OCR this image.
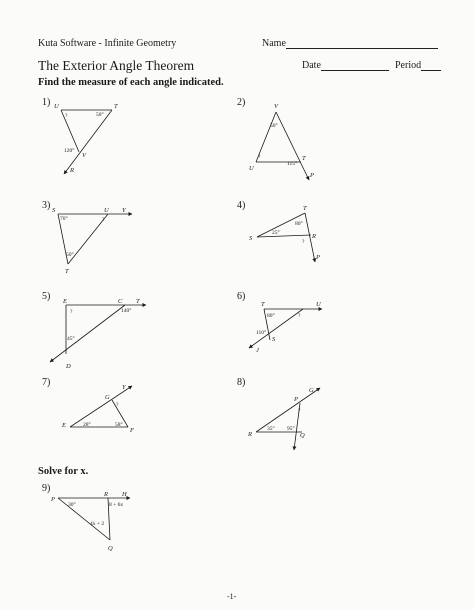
Kuta Software - Infinite Geometry	Name
The Exterior Angle Theorem	Date	Period
Find the measure of each angle indicated.
1)	2)
3)	4)
5)	6)
7)	8)
Solve for x.
9)
U	T
V
R
?	50°
120°
V
U
T
P
50°
?
115°
S	U Y
T
70°	?
50°
T
S	R
P
80°
25°
?
E	C T
D
?	140°
45°
T	U
S
J
80°	?
110°
Y
G
E
F
?
28°	58°
G
P
R	Q
?
35° 95°
P
R H
Q
30°	8 + 6x
4x + 2
-1-
